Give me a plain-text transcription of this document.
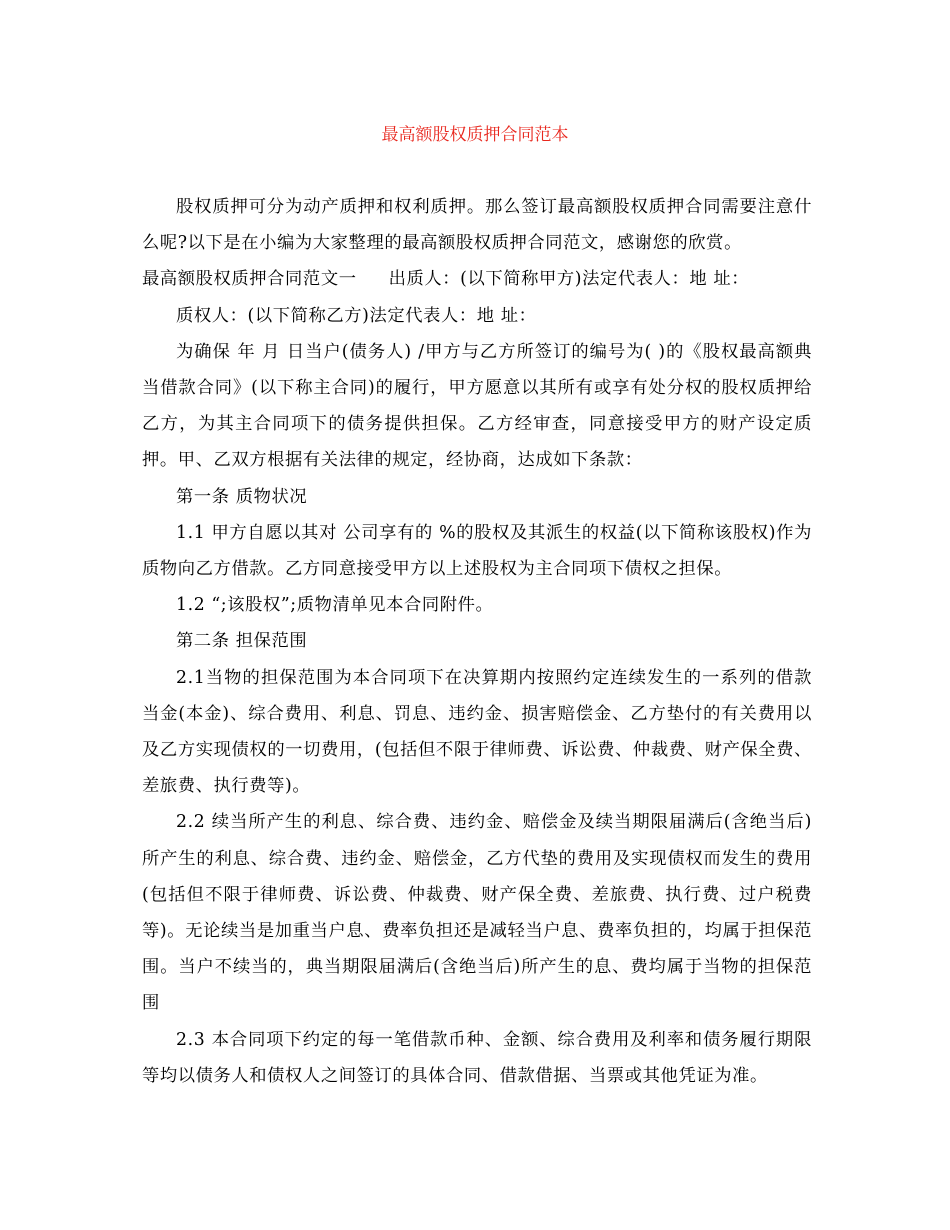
最高额股权质押合同范本

股权质押可分为动产质押和权利质押。那么签订最高额股权质押合同需要注意什么呢?以下是在小编为大家整理的最高额股权质押合同范文，感谢您的欣赏。

最高额股权质押合同范文一 出质人：(以下简称甲方)法定代表人：地 址：

质权人：(以下简称乙方)法定代表人：地 址：

为确保 年 月 日当户(债务人) /甲方与乙方所签订的编号为( )的《股权最高额典当借款合同》(以下称主合同)的履行，甲方愿意以其所有或享有处分权的股权质押给乙方，为其主合同项下的债务提供担保。乙方经审查，同意接受甲方的财产设定质押。甲、乙双方根据有关法律的规定，经协商，达成如下条款：

第一条 质物状况

1.1 甲方自愿以其对 公司享有的 %的股权及其派生的权益(以下简称该股权)作为质物向乙方借款。乙方同意接受甲方以上述股权为主合同项下债权之担保。

1.2 “;该股权”;质物清单见本合同附件。

第二条 担保范围

2.1当物的担保范围为本合同项下在决算期内按照约定连续发生的一系列的借款当金(本金)、综合费用、利息、罚息、违约金、损害赔偿金、乙方垫付的有关费用以及乙方实现债权的一切费用，(包括但不限于律师费、诉讼费、仲裁费、财产保全费、差旅费、执行费等)。

2.2 续当所产生的利息、综合费、违约金、赔偿金及续当期限届满后(含绝当后)所产生的利息、综合费、违约金、赔偿金，乙方代垫的费用及实现债权而发生的费用(包括但不限于律师费、诉讼费、仲裁费、财产保全费、差旅费、执行费、过户税费等)。无论续当是加重当户息、费率负担还是减轻当户息、费率负担的，均属于担保范围。当户不续当的，典当期限届满后(含绝当后)所产生的息、费均属于当物的担保范围

2.3 本合同项下约定的每一笔借款币种、金额、综合费用及利率和债务履行期限等均以债务人和债权人之间签订的具体合同、借款借据、当票或其他凭证为准。
